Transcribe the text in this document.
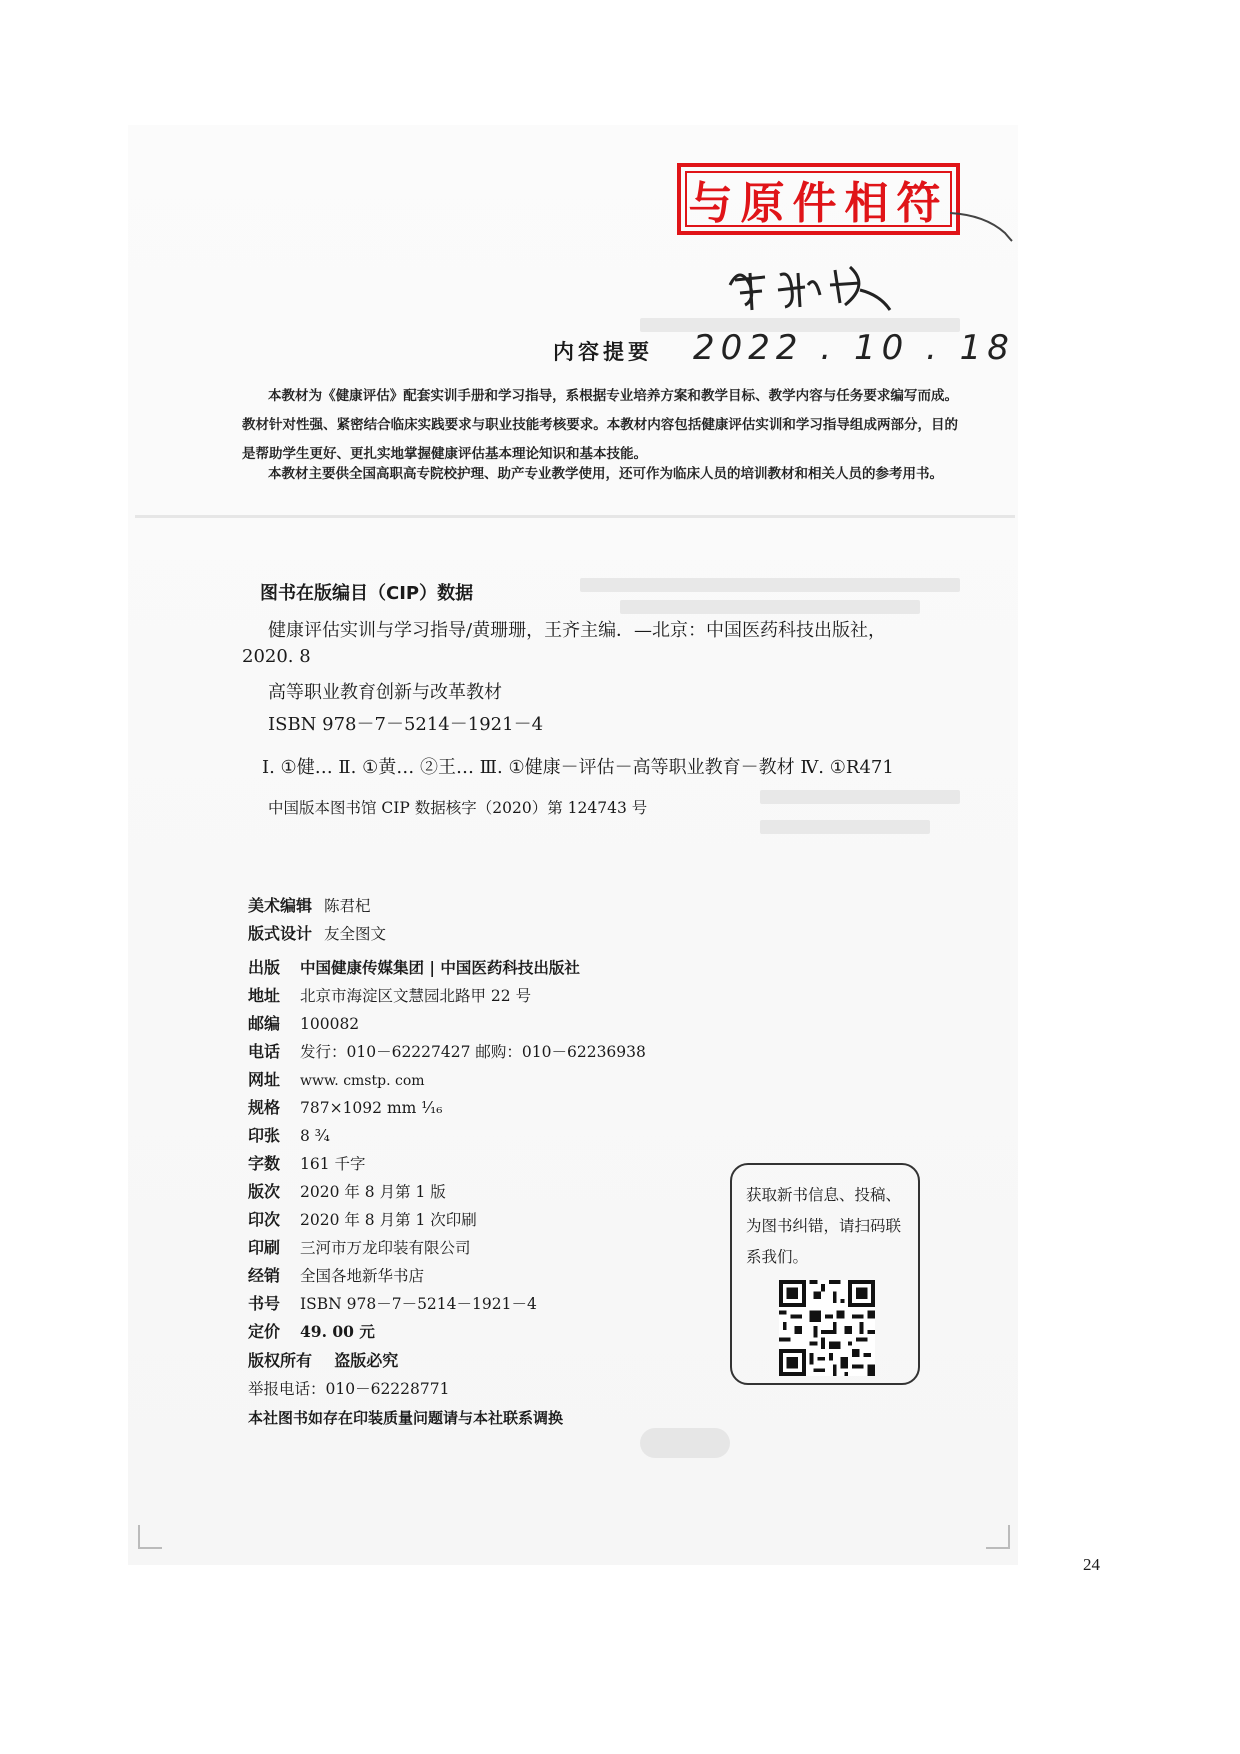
与原件相符
2022 . 10 . 18
内容提要
本教材为《健康评估》配套实训手册和学习指导，系根据专业培养方案和教学目标、教学内容与任务要求编写而成。教材针对性强、紧密结合临床实践要求与职业技能考核要求。本教材内容包括健康评估实训和学习指导组成两部分，目的是帮助学生更好、更扎实地掌握健康评估基本理论知识和基本技能。
本教材主要供全国高职高专院校护理、助产专业教学使用，还可作为临床人员的培训教材和相关人员的参考用书。
图书在版编目（CIP）数据
健康评估实训与学习指导/黄珊珊，王齐主编．—北京：中国医药科技出版社，
2020. 8
高等职业教育创新与改革教材
ISBN 978－7－5214－1921－4
Ⅰ. ①健… Ⅱ. ①黄… ②王… Ⅲ. ①健康－评估－高等职业教育－教材 Ⅳ. ①R471
中国版本图书馆 CIP 数据核字（2020）第 124743 号
美术编辑 陈君杞
版式设计 友全图文
出版 中国健康传媒集团 | 中国医药科技出版社
地址 北京市海淀区文慧园北路甲 22 号
邮编 100082
电话 发行：010－62227427 邮购：010－62236938
网址 www. cmstp. com
规格 787×1092 mm ¹⁄₁₆
印张 8 ³⁄₄
字数 161 千字
版次 2020 年 8 月第 1 版
印次 2020 年 8 月第 1 次印刷
印刷 三河市万龙印装有限公司
经销 全国各地新华书店
书号 ISBN 978－7－5214－1921－4
定价 49. 00 元
版权所有    盗版必究
举报电话：010－62228771
本社图书如存在印装质量问题请与本社联系调换
获取新书信息、投稿、为图书纠错，请扫码联系我们。
24
